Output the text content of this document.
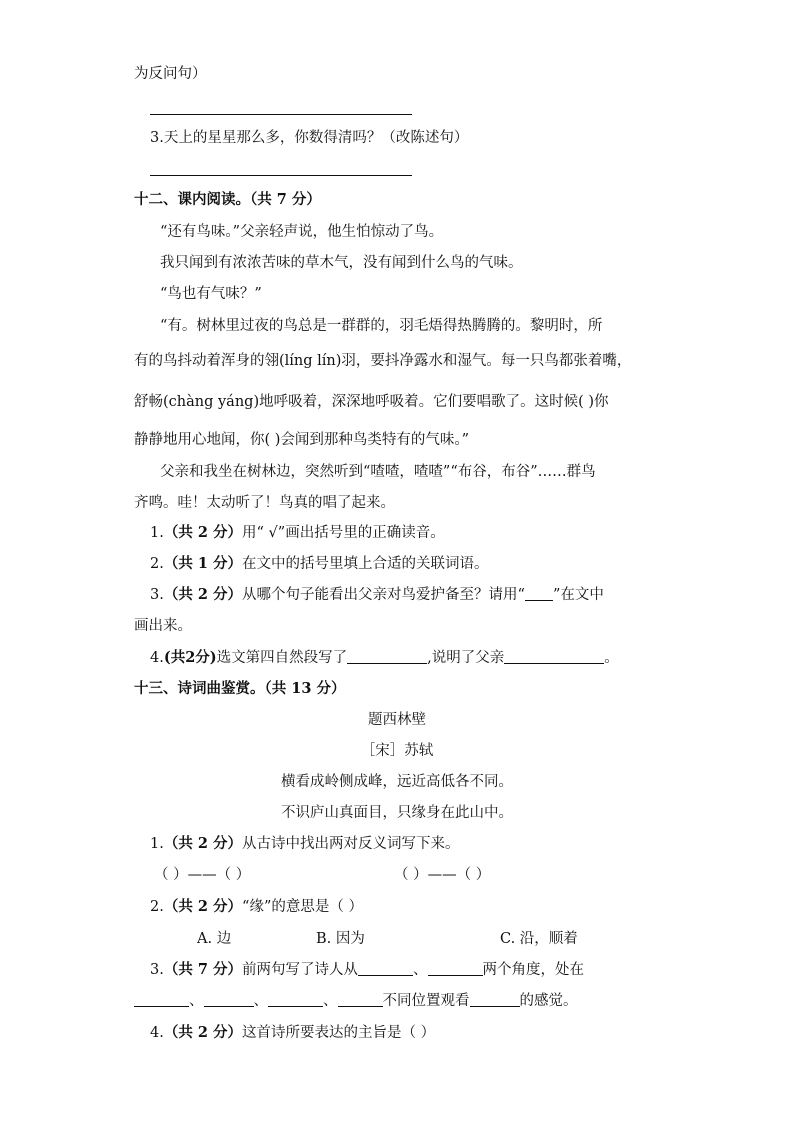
为反问句）
3.天上的星星那么多，你数得清吗？（改陈述句）
十二、课内阅读。（共 7 分）
“还有鸟味。”父亲轻声说，他生怕惊动了鸟。
我只闻到有浓浓苦味的草木气，没有闻到什么鸟的气味。
“鸟也有气味？”
“有。树林里过夜的鸟总是一群群的，羽毛焐得热腾腾的。黎明时，所
有的鸟抖动着浑身的翎(líng lín)羽，要抖净露水和湿气。每一只鸟都张着嘴，
舒畅(chàng yáng)地呼吸着，深深地呼吸着。它们要唱歌了。这时候( )你
静静地用心地闻，你( )会闻到那种鸟类特有的气味。”
父亲和我坐在树林边，突然听到“喳喳，喳喳”“布谷，布谷”……群鸟
齐鸣。哇！太动听了！鸟真的唱了起来。
1.（共 2 分）用“ √”画出括号里的正确读音。
2.（共 1 分）在文中的括号里填上合适的关联词语。
3.（共 2 分）从哪个句子能看出父亲对鸟爱护备至？请用“ ”在文中
画出来。
4.(共2分)选文第四自然段写了	,说明了父亲	。
十三、诗词曲鉴赏。（共 13 分）
题西林壁
［宋］苏轼
横看成岭侧成峰，远近高低各不同。
不识庐山真面目，只缘身在此山中。
1.（共 2 分）从古诗中找出两对反义词写下来。
（ ）——（ ）	（ ）——（ ）
2.（共 2 分）“缘”的意思是（ ）
A. 边	B. 因为	C. 沿，顺着
3.（共 7 分）前两句写了诗人从	、	两个角度，处在
、	、	、	不同位置观看	的感觉。
4.（共 2 分）这首诗所要表达的主旨是（ ）
